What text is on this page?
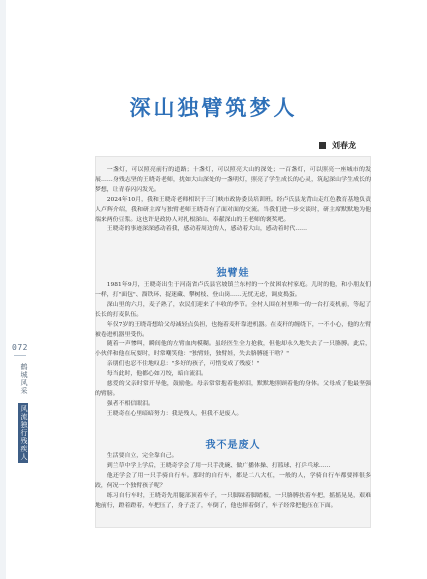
072
鹤城风采
风流独行残疾人
深山独臂筑梦人
刘春龙

一盏灯，可以照亮前行的道路；十盏灯，可以照亮大山的深处；一百盏灯，可以照亮一座城市的发展……身残志坚的王晓奇老师，扰如大山深处的一盏明灯，照亮了学生成长的心灵，筑起深山学生成长的梦想，让青春闪闪发光。

2024年10月，我和王晓奇老师相识于三门峡市政协委员培训班。经卢氏县龙背山走红色教育基地负责人卢辉介绍，我和研主席与独臂老师王晓奇有了面对面的交流。当我们进一步交谈时，研主席默默地为他端来两份豆浆。这也许是政协人对扎根深山、奉献深山的王老师的褒奖吧。

王晓奇的事迹深深感动着我，感动着周边的人，感动着大山，感动着时代……

独臂娃

1981年9月，王晓奇出生于河南省卢氏县官坡镇兰东村的一个贫困农村家庭。儿时的他，和小朋友们一样，打"面包"、溜铁环、捉迷藏、攀树枝、登山岗……无忧无虑，调皮捣蛋。

深山里的六月，麦子熟了，农民们迎来了丰收的季节。全村人围在村里唯一的一台打麦机前，等起了长长的打麦队伍。

年仅7岁的王晓奇想给父母减轻点负担，也拖着麦秆靠进机器。在麦秆的缠绕下，一不小心，他的左臂被卷进机器里受伤。

随着一声惨叫，瞬间他的左臂血肉模糊。虽经医生全力抢救，但他却永久地失去了一只胳膊。此后，小伙伴和他在玩耍时，时常嘲笑他："独臂娃，独臂娃，失去胳膊能干啥？"

亲朋们也忍不住地叹息："多好的孩子，可惜变成了残废！"

每当此时，他都心如刀绞，暗自流泪。

慈爱的父亲时常开导他，鼓励他。母亲常常抱着他掉泪，默默地照顾着他的身体。父母成了他最坚强的臂膀。

强者不相信眼泪。

王晓奇在心里暗暗努力：我是残人，但我不是废人。

我不是废人

生活要自立，完全靠自己。

到兰草中学上学后，王晓奇学会了用一只手洗碗、做广播体操、打篮球、打乒乓球……

他还学会了用一只手骑自行车。那时的自行车，都是二八大杠，一般的人，学骑自行车都要摔很多跤，何况一个独臂孩子呢？

练习自行车时，王晓奇先用腿部顶着车子，一只脚踩着脚踏板，一只胳膊扶着车把，摇摇晃晃，艰难地前行，蹬着蹬着，车把压了，身子歪了，车倒了，他也摔着倒了，车子经常把他压在下面。
